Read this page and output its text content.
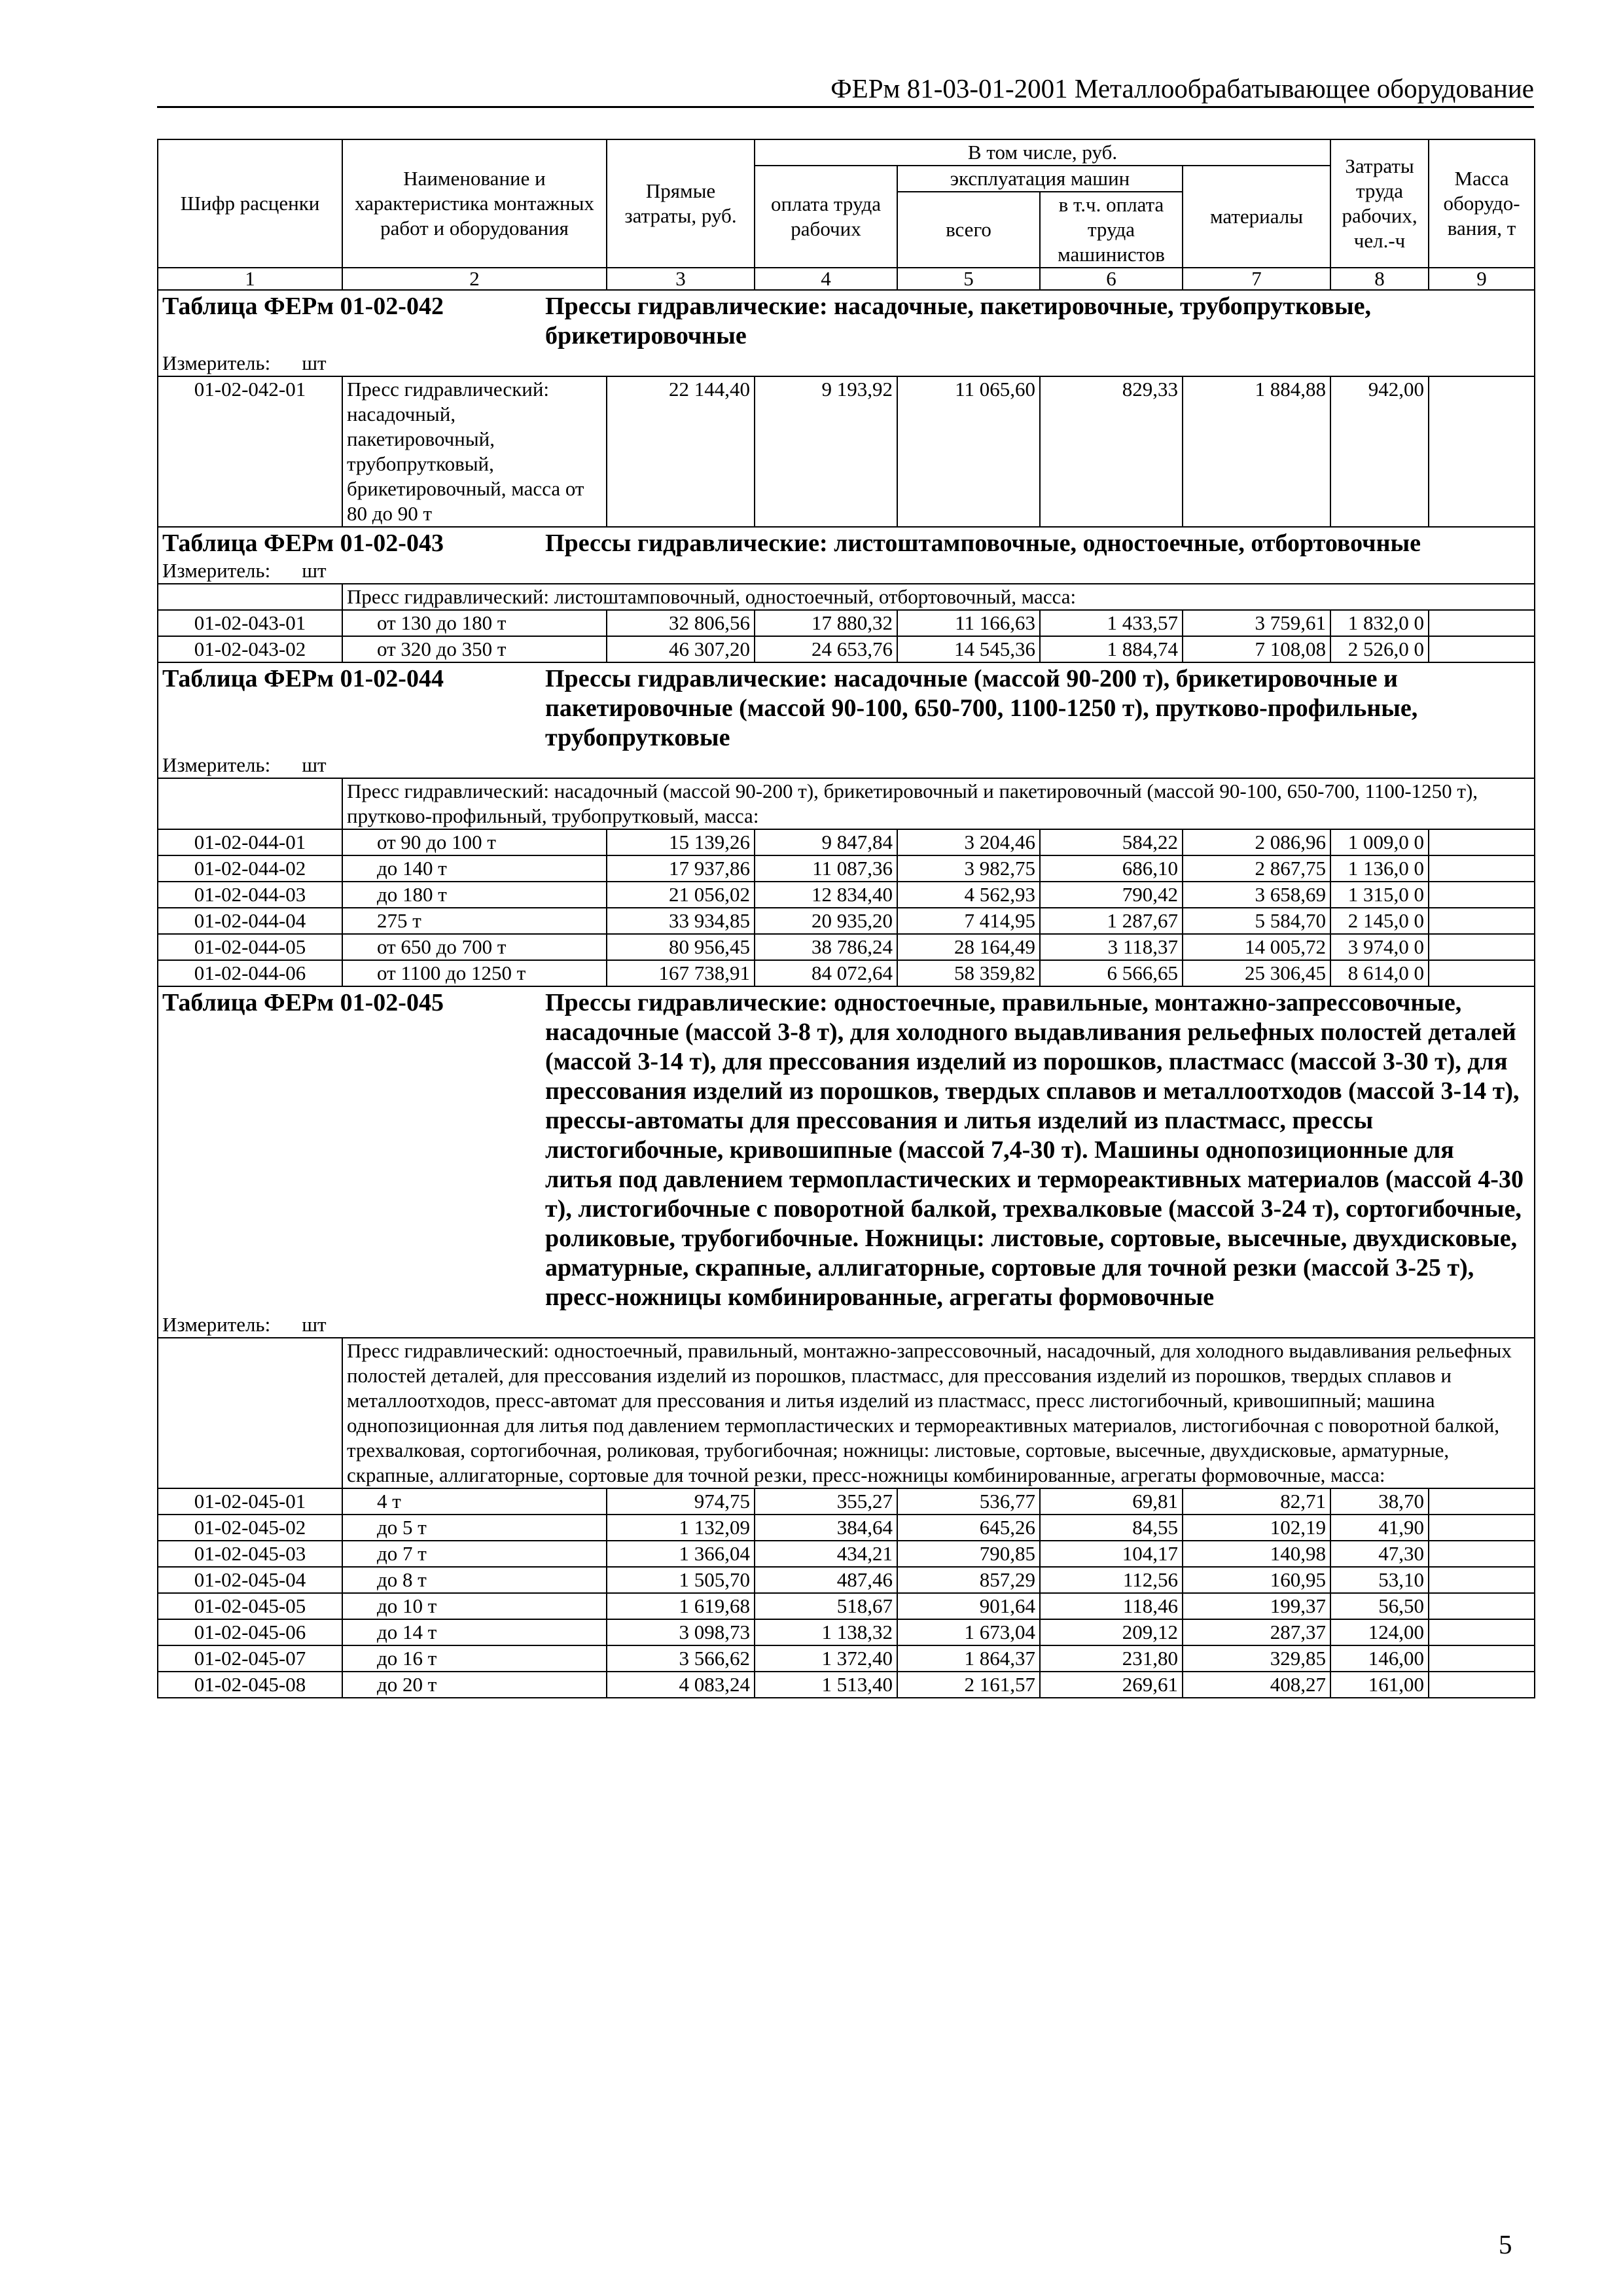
ФЕРм 81-03-01-2001 Металлообрабатывающее оборудование
Шифр расценки	Наименование и характеристика монтажных работ и оборудования	Прямые затраты, руб.	В том числе, руб.				Затраты труда рабочих, чел.-ч	Масса оборудо-вания, т
			оплата труда рабочих	эксплуатация машин		материалы		
				всего	в т.ч. оплата труда машинистов			
1	2	3	4	5	6	7	8	9

Таблица ФЕРм 01-02-042 Прессы гидравлические: насадочные, пакетировочные, трубопрутковые, брикетировочные								

Измеритель: шт								
01-02-042-01	Пресс гидравлический: насадочный, пакетировочный, трубопрутковый, брикетировочный, масса от 80 до 90 т	22 144,40	9 193,92	11 065,60	829,33	1 884,88	942,00	

Таблица ФЕРм 01-02-043 Прессы гидравлические: листоштамповочные, одностоечные, отбортовочные								

Измеритель: шт								
	Пресс гидравлический: листоштамповочный, одностоечный, отбортовочный, масса:							
01-02-043-01	от 130 до 180 т	32 806,56	17 880,32	11 166,63	1 433,57	3 759,61	1 832,0 0	
01-02-043-02	от 320 до 350 т	46 307,20	24 653,76	14 545,36	1 884,74	7 108,08	2 526,0 0	

Таблица ФЕРм 01-02-044 Прессы гидравлические: насадочные (массой 90-200 т), брикетировочные и пакетировочные (массой 90-100, 650-700, 1100-1250 т), прутково-профильные, трубопрутковые								

Измеритель: шт								
	Пресс гидравлический: насадочный (массой 90-200 т), брикетировочный и пакетировочный (массой 90-100, 650-700, 1100-1250 т), прутково-профильный, трубопрутковый, масса:							
01-02-044-01	от 90 до 100 т	15 139,26	9 847,84	3 204,46	584,22	2 086,96	1 009,0 0	
01-02-044-02	до 140 т	17 937,86	11 087,36	3 982,75	686,10	2 867,75	1 136,0 0	
01-02-044-03	до 180 т	21 056,02	12 834,40	4 562,93	790,42	3 658,69	1 315,0 0	
01-02-044-04	275 т	33 934,85	20 935,20	7 414,95	1 287,67	5 584,70	2 145,0 0	
01-02-044-05	от 650 до 700 т	80 956,45	38 786,24	28 164,49	3 118,37	14 005,72	3 974,0 0	
01-02-044-06	от 1100 до 1250 т	167 738,91	84 072,64	58 359,82	6 566,65	25 306,45	8 614,0 0	

Таблица ФЕРм 01-02-045 Прессы гидравлические: одностоечные, правильные, монтажно-запрессовочные, насадочные (массой 3-8 т), для холодного выдавливания рельефных полостей деталей (массой 3-14 т), для прессования изделий из порошков, пластмасс (массой 3-30 т), для прессования изделий из порошков, твердых сплавов и металлоотходов (массой 3-14 т), прессы-автоматы для прессования и литья изделий из пластмасс, прессы листогибочные, кривошипные (массой 7,4-30 т). Машины однопозиционные для литья под давлением термопластических и термореактивных материалов (массой 4-30 т), листогибочные с поворотной балкой, трехвалковые (массой 3-24 т), сортогибочные, роликовые, трубогибочные. Ножницы: листовые, сортовые, высечные, двухдисковые, арматурные, скрапные, аллигаторные, сортовые для точной резки (массой 3-25 т), пресс-ножницы комбинированные, агрегаты формовочные								

Измеритель: шт								
	Пресс гидравлический: одностоечный, правильный, монтажно-запрессовочный, насадочный, для холодного выдавливания рельефных полостей деталей, для прессования изделий из порошков, пластмасс, для прессования изделий из порошков, твердых сплавов и металлоотходов, пресс-автомат для прессования и литья изделий из пластмасс, пресс листогибочный, кривошипный; машина однопозиционная для литья под давлением термопластических и термореактивных материалов, листогибочная с поворотной балкой, трехвалковая, сортогибочная, роликовая, трубогибочная; ножницы: листовые, сортовые, высечные, двухдисковые, арматурные, скрапные, аллигаторные, сортовые для точной резки, пресс-ножницы комбинированные, агрегаты формовочные, масса:							
01-02-045-01	4 т	974,75	355,27	536,77	69,81	82,71	38,70	
01-02-045-02	до 5 т	1 132,09	384,64	645,26	84,55	102,19	41,90	
01-02-045-03	до 7 т	1 366,04	434,21	790,85	104,17	140,98	47,30	
01-02-045-04	до 8 т	1 505,70	487,46	857,29	112,56	160,95	53,10	
01-02-045-05	до 10 т	1 619,68	518,67	901,64	118,46	199,37	56,50	
01-02-045-06	до 14 т	3 098,73	1 138,32	1 673,04	209,12	287,37	124,00	
01-02-045-07	до 16 т	3 566,62	1 372,40	1 864,37	231,80	329,85	146,00	
01-02-045-08	до 20 т	4 083,24	1 513,40	2 161,57	269,61	408,27	161,00	
5
